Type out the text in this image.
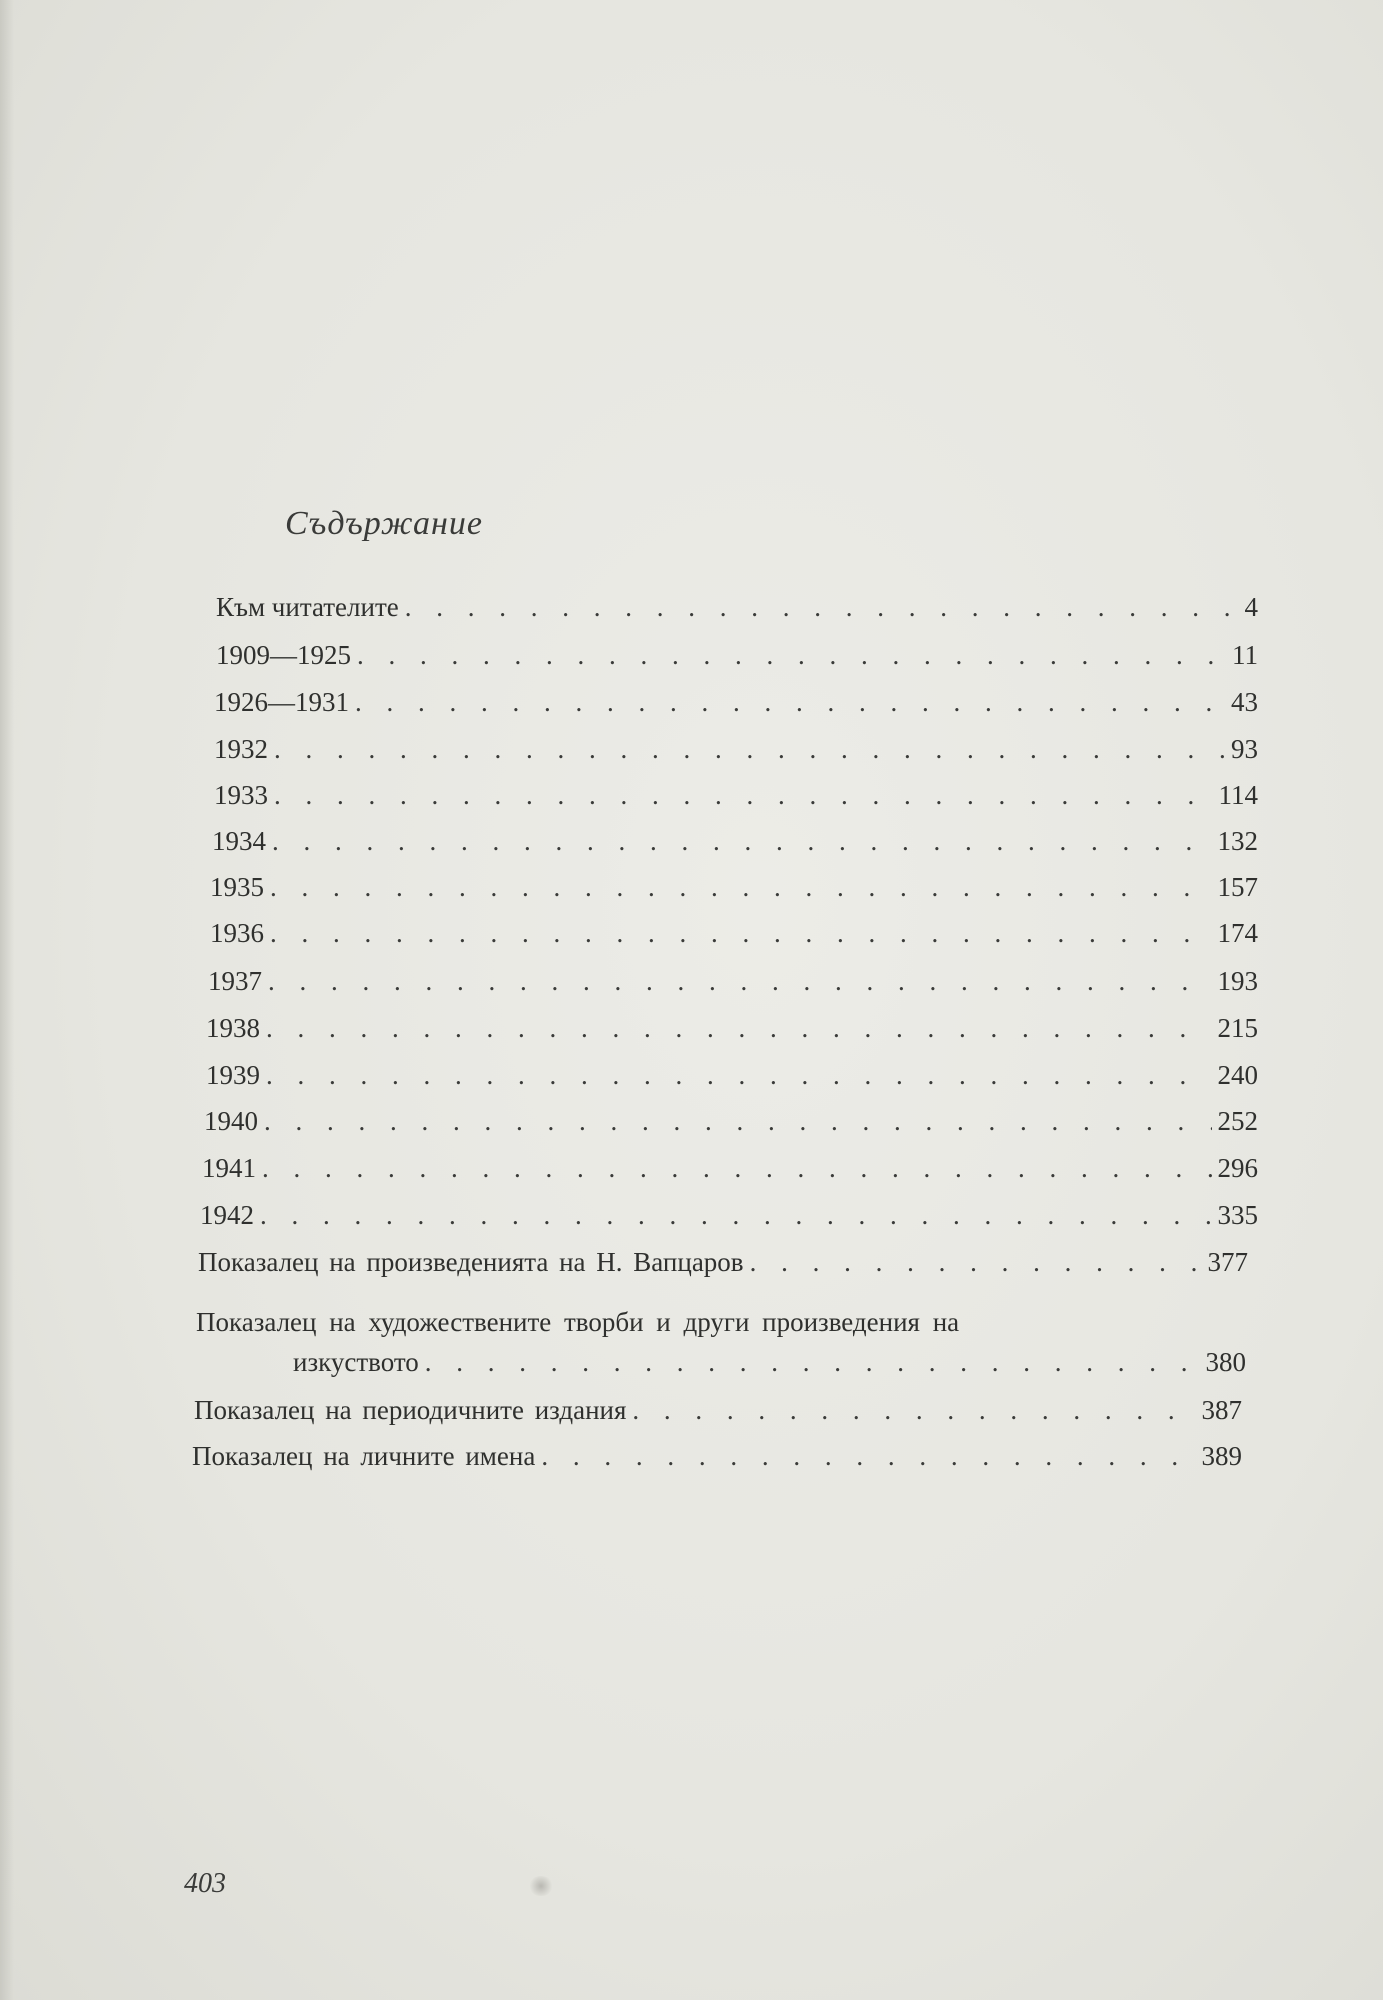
Съдържание
Към читателите . . .	4
1909—1925 . . .	11
1926—1931 . . .	43
1932 . . .	93
1933 . . .	114
1934 . . .	132
1935 . . .	157
1936 . . .	174
1937 . . .	193
1938 . . .	215
1939 . . .	240
1940 . . .	252
1941 . . .	296
1942 . . .	335
Показалец на произведенията на Н. Вапцаров . . .	377
Показалец на художествените творби и други произведения на
изкуството . . .	380
Показалец на периодичните издания . . .	387
Показалец на личните имена . . .	389
403
